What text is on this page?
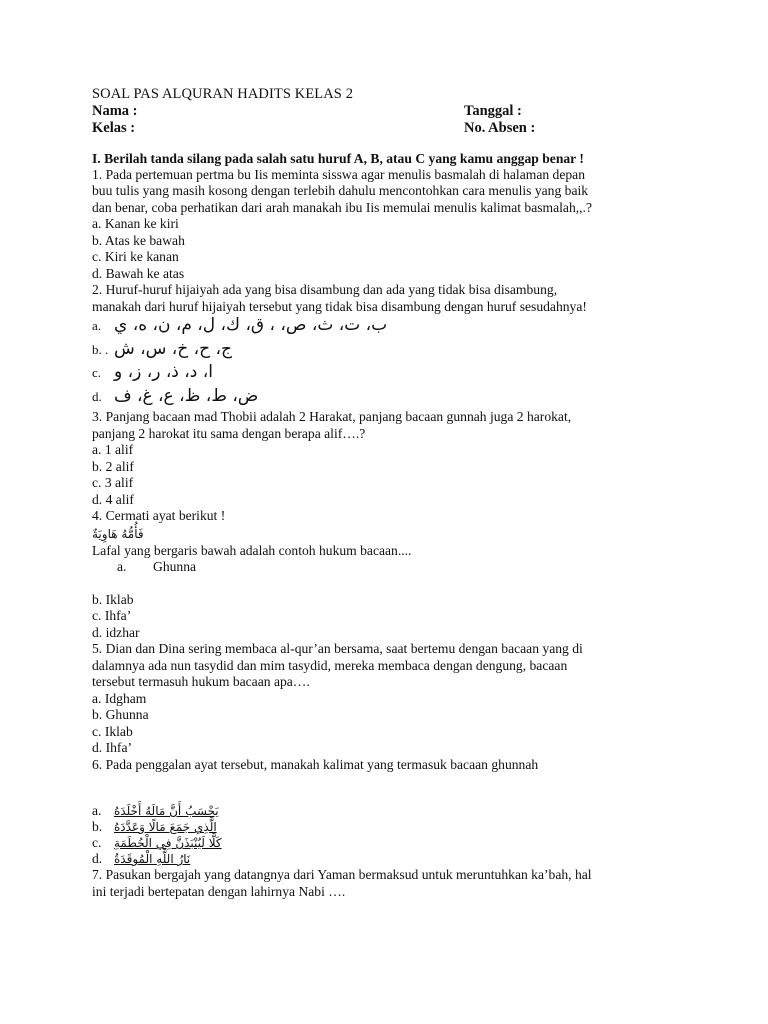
SOAL PAS ALQURAN HADITS KELAS 2
Nama :	Tanggal :
Kelas :	No. Absen :
I. Berilah tanda silang pada salah satu huruf A, B, atau C yang kamu anggap benar !
1. Pada pertemuan pertma bu Iis meminta sisswa agar menulis basmalah di halaman depan
buu tulis yang masih kosong dengan terlebih dahulu mencontohkan cara menulis yang baik
dan benar, coba perhatikan dari arah manakah ibu Iis memulai menulis kalimat basmalah,,.?
a. Kanan ke kiri
b. Atas ke bawah
c. Kiri ke kanan
d. Bawah ke atas
2. Huruf-huruf hijaiyah ada yang bisa disambung dan ada yang tidak bisa disambung,
manakah dari huruf hijaiyah tersebut yang tidak bisa disambung dengan huruf sesudahnya!
a. ب، ت، ث، ص، ، ق، ك، ل، م، ن، ه، ي
b. . ج، ح، خ، س، ش
c. ا، د، ذ، ر، ز، و
d. ض، ط، ظ، ع، غ، ف
3. Panjang bacaan mad Thobii adalah 2 Harakat, panjang bacaan gunnah juga 2 harokat,
panjang 2 harokat itu sama dengan berapa alif….?
a. 1 alif
b. 2 alif
c. 3 alif
d. 4 alif
4. Cermati ayat berikut !
فَأُمُّهُ هَاوِيَةٌ
Lafal yang bergaris bawah adalah contoh hukum bacaan....
a. Ghunna
b. Iklab
c. Ihfa’
d. idzhar
5. Dian dan Dina sering membaca al-qur’an bersama, saat bertemu dengan bacaan yang di
dalamnya ada nun tasydid dan mim tasydid, mereka membaca dengan dengung, bacaan
tersebut termasuh hukum bacaan apa….
a. Idgham
b. Ghunna
c. Iklab
d. Ihfa’
6. Pada penggalan ayat tersebut, manakah kalimat yang termasuk bacaan ghunnah
a.	يَحْسَبُ أَنَّ مَالَهُ أَخْلَدَهُ
b. الَّذِي جَمَعَ مَالًا وَعَدَّدَهُ
c.	كَلَّا لَيُنْبَذَنَّ فِي الْحُطَمَةِ
d. نَارُ اللَّهِ الْمُوقَدَةُ
7. Pasukan bergajah yang datangnya dari Yaman bermaksud untuk meruntuhkan ka’bah, hal
ini terjadi bertepatan dengan lahirnya Nabi ….
